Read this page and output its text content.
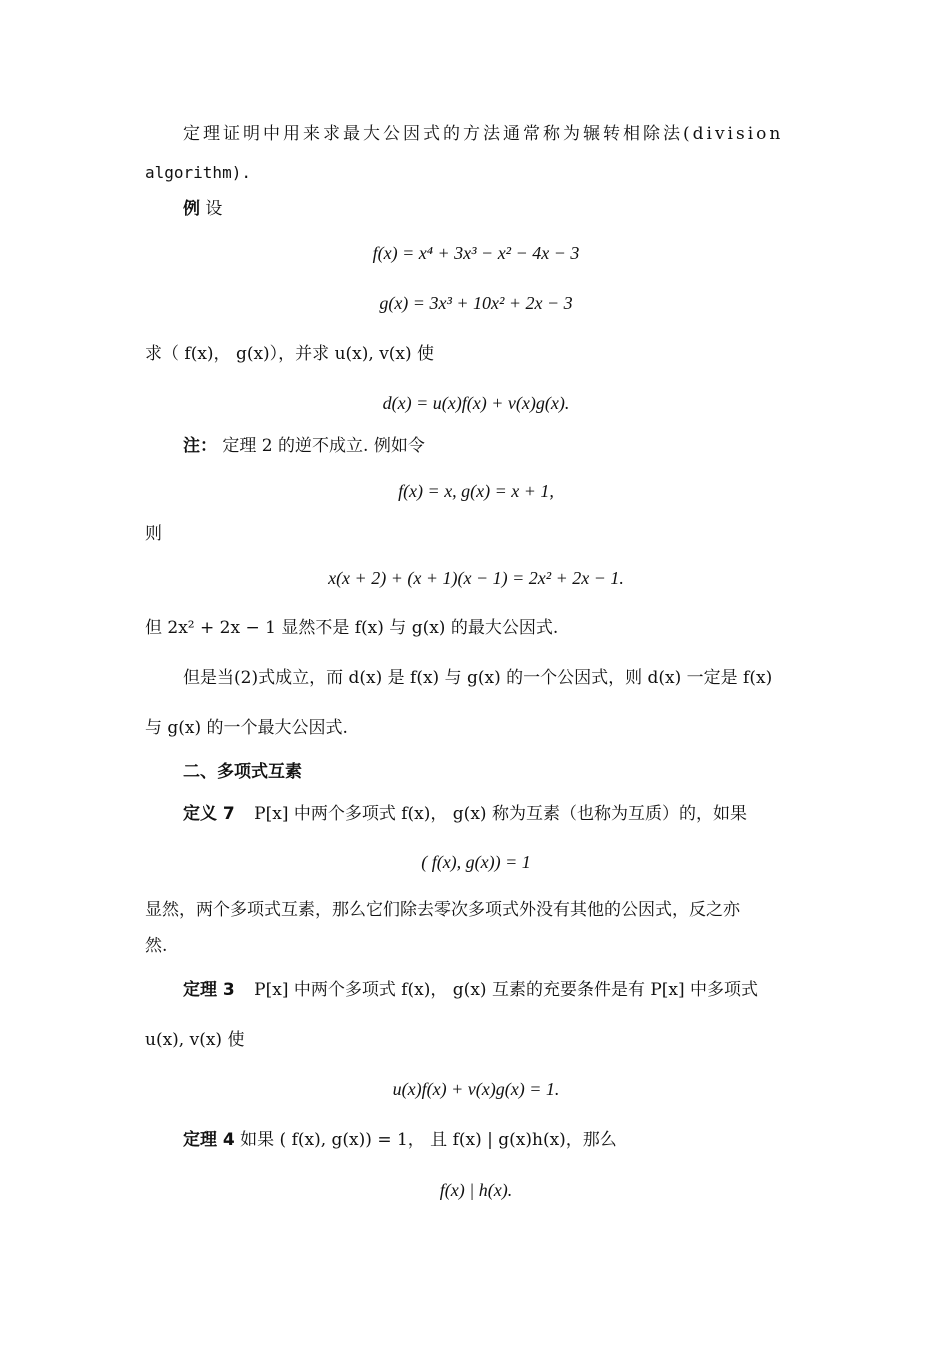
定理证明中用来求最大公因式的方法通常称为辗转相除法(division
algorithm).
例 设
f(x) = x⁴ + 3x³ − x² − 4x − 3
g(x) = 3x³ + 10x² + 2x − 3
求（ f(x)， g(x)），并求 u(x), v(x) 使
d(x) = u(x)f(x) + v(x)g(x).
注： 定理 2 的逆不成立. 例如令
f(x) = x, g(x) = x + 1,
则
x(x + 2) + (x + 1)(x − 1) = 2x² + 2x − 1.
但 2x² + 2x − 1 显然不是 f(x) 与 g(x) 的最大公因式.
但是当(2)式成立，而 d(x) 是 f(x) 与 g(x) 的一个公因式，则 d(x) 一定是 f(x)
与 g(x) 的一个最大公因式.
二、多项式互素
定义 7 P[x] 中两个多项式 f(x)， g(x) 称为互素（也称为互质）的，如果
( f(x), g(x)) = 1
显然，两个多项式互素，那么它们除去零次多项式外没有其他的公因式，反之亦
然.
定理 3 P[x] 中两个多项式 f(x)， g(x) 互素的充要条件是有 P[x] 中多项式
u(x), v(x) 使
u(x)f(x) + v(x)g(x) = 1.
定理 4 如果 ( f(x), g(x)) = 1， 且 f(x) | g(x)h(x)，那么
f(x) | h(x).
